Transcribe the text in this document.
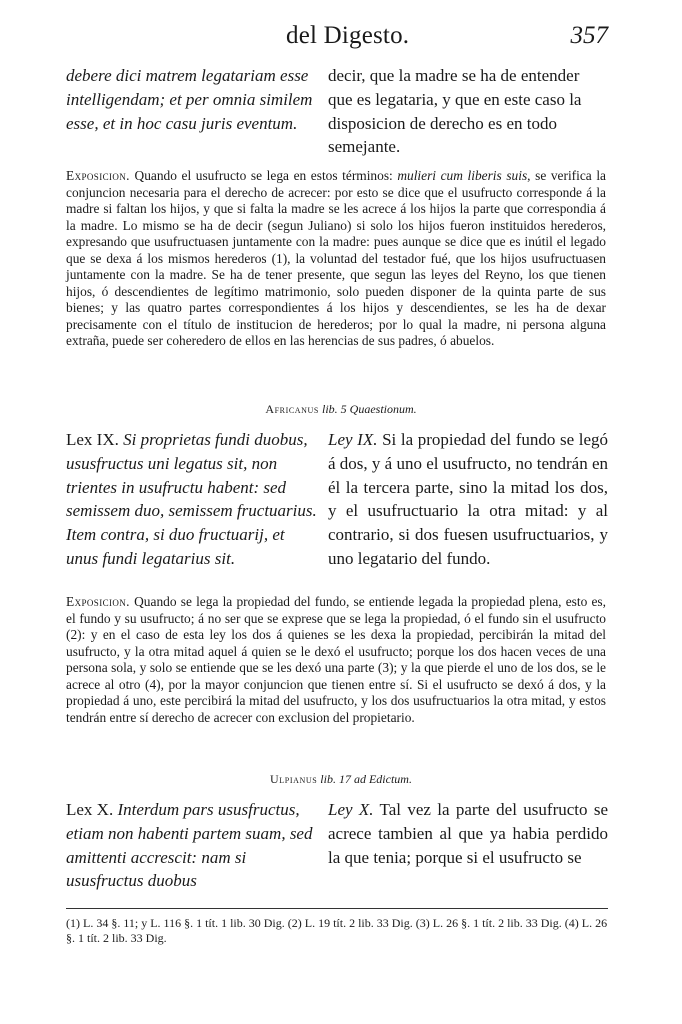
del Digesto.	357
debere dici matrem legatariam esse intelligendam; et per omnia similem esse, et in hoc casu juris eventum.
decir, que la madre se ha de entender que es legataria, y que en este caso la disposicion de derecho es en todo semejante.
Exposicion. Quando el usufructo se lega en estos términos: mulieri cum liberis suis, se verifica la conjuncion necesaria para el derecho de acrecer: por esto se dice que el usufructo corresponde á la madre si faltan los hijos, y que si falta la madre se les acrece á los hijos la parte que correspondia á la madre. Lo mismo se ha de decir (segun Juliano) si solo los hijos fueron instituidos herederos, expresando que usufructuasen juntamente con la madre: pues aunque se dice que es inútil el legado que se dexa á los mismos herederos (1), la voluntad del testador fué, que los hijos usufructuasen juntamente con la madre. Se ha de tener presente, que segun las leyes del Reyno, los que tienen hijos, ó descendientes de legítimo matrimonio, solo pueden disponer de la quinta parte de sus bienes; y las quatro partes correspondientes á los hijos y descendientes, se les ha de dexar precisamente con el título de institucion de herederos; por lo qual la madre, ni persona alguna extraña, puede ser coheredero de ellos en las herencias de sus padres, ó abuelos.
Africanus lib. 5 Quaestionum.
Lex IX. Si proprietas fundi duobus, ususfructus uni legatus sit, non trientes in usufructu habent: sed semissem duo, semissem fructuarius. Item contra, si duo fructuarij, et unus fundi legatarius sit.
Ley IX. Si la propiedad del fundo se legó á dos, y á uno el usufructo, no tendrán en él la tercera parte, sino la mitad los dos, y el usufructuario la otra mitad: y al contrario, si dos fuesen usufructuarios, y uno legatario del fundo.
Exposicion. Quando se lega la propiedad del fundo, se entiende legada la propiedad plena, esto es, el fundo y su usufructo; á no ser que se exprese que se lega la propiedad, ó el fundo sin el usufructo (2): y en el caso de esta ley los dos á quienes se les dexa la propiedad, percibirán la mitad del usufructo, y la otra mitad aquel á quien se le dexó el usufructo; porque los dos hacen veces de una persona sola, y solo se entiende que se les dexó una parte (3); y la que pierde el uno de los dos, se le acrece al otro (4), por la mayor conjuncion que tienen entre sí. Si el usufructo se dexó á dos, y la propiedad á uno, este percibirá la mitad del usufructo, y los dos usufructuarios la otra mitad, y estos tendrán entre sí derecho de acrecer con exclusion del propietario.
Ulpianus lib. 17 ad Edictum.
Lex X. Interdum pars ususfructus, etiam non habenti partem suam, sed amittenti accrescit: nam si ususfructus duobus
Ley X. Tal vez la parte del usufructo se acrece tambien al que ya habia perdido la que tenia; porque si el usufructo se
(1) L. 34 §. 11; y L. 116 §. 1 tít. 1 lib. 30 Dig. (2) L. 19 tít. 2 lib. 33 Dig. (3) L. 26 §. 1 tít. 2 lib. 33 Dig. (4) L. 26 §. 1 tít. 2 lib. 33 Dig.
